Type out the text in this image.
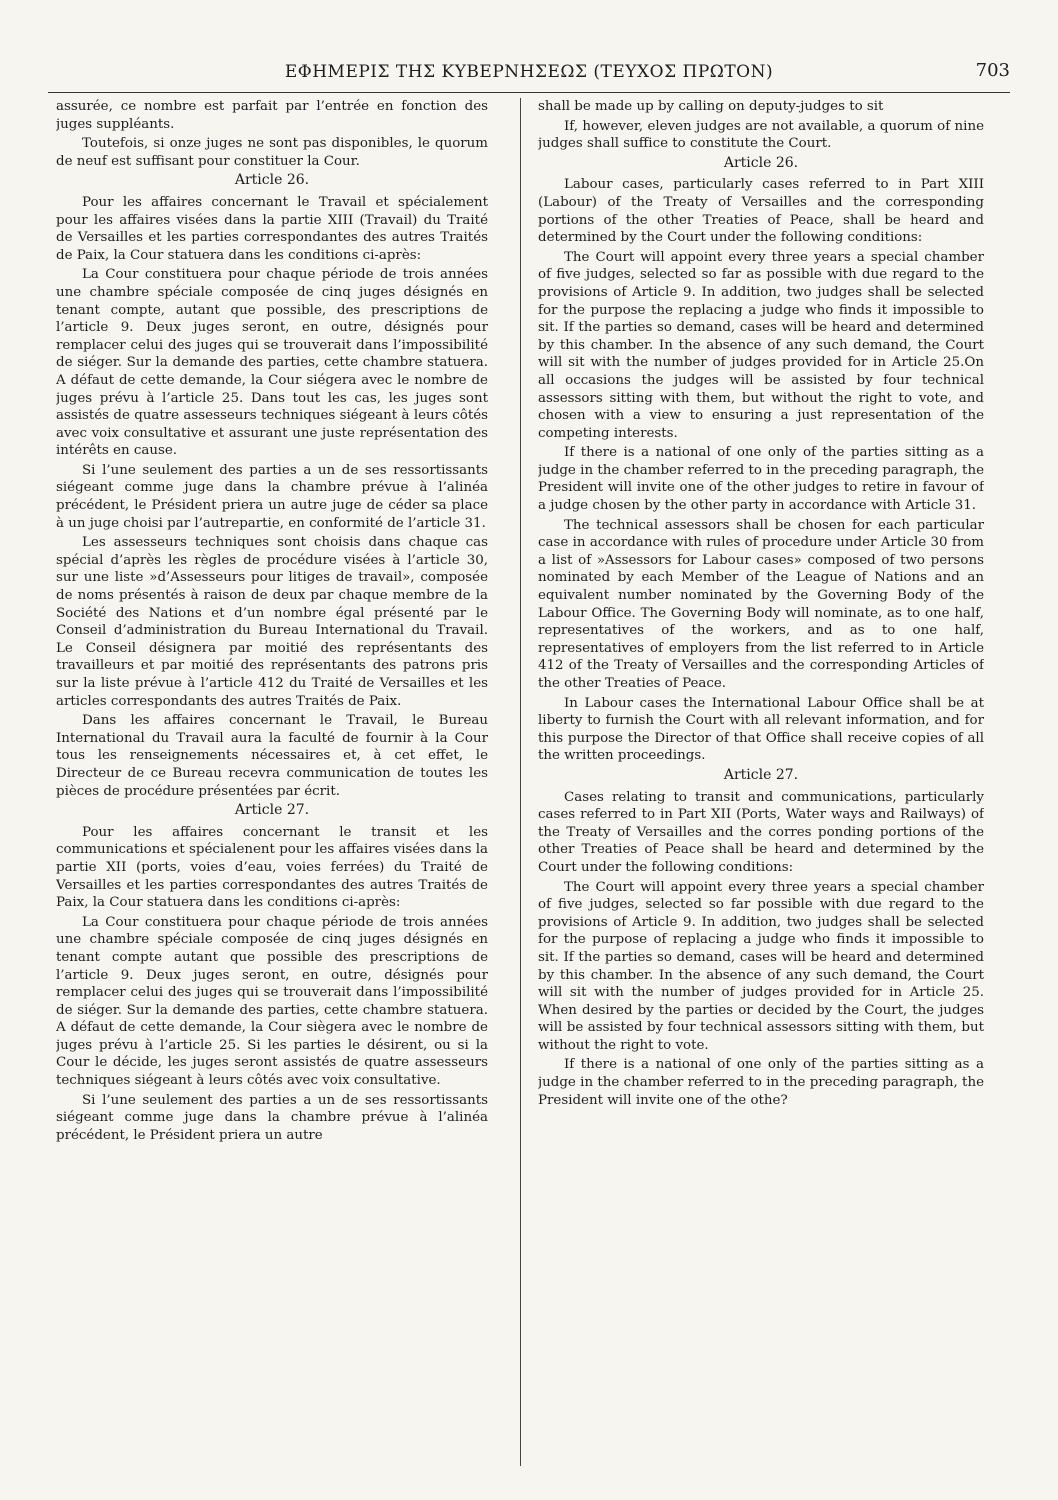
ΕΦΗΜΕΡΙΣ ΤΗΣ ΚΥΒΕΡΝΗΣΕΩΣ (ΤΕΥΧΟΣ ΠΡΩΤΟΝ)	703

assurée, ce nombre est parfait par l’entrée en fonction des juges suppléants.

Toutefois, si onze juges ne sont pas disponibles, le quorum de neuf est suffisant pour constituer la Cour.

Article 26.

Pour les affaires concernant le Travail et spécialement pour les affaires visées dans la partie XIII (Travail) du Traité de Versailles et les parties correspondantes des autres Traités de Paix, la Cour statuera dans les conditions ci-après:

La Cour constituera pour chaque période de trois années une chambre spéciale composée de cinq juges désignés en tenant compte, autant que possible, des prescriptions de l’article 9. Deux juges seront, en outre, désignés pour remplacer celui des juges qui se trouverait dans l’impossibilité de siéger. Sur la demande des parties, cette chambre statuera. A défaut de cette demande, la Cour siégera avec le nombre de juges prévu à l’article 25. Dans tout les cas, les juges sont assistés de quatre assesseurs techniques siégeant à leurs côtés avec voix consultative et assurant une juste représentation des intérêts en cause.

Si l’une seulement des parties a un de ses ressortissants siégeant comme juge dans la chambre prévue à l’alinéa précédent, le Président priera un autre juge de céder sa place à un juge choisi par l’autrepartie, en conformité de l’article 31.

Les assesseurs techniques sont choisis dans chaque cas spécial d’après les règles de procédure visées à l’article 30, sur une liste »d’Assesseurs pour litiges de travail», composée de noms présentés à raison de deux par chaque membre de la Société des Nations et d’un nombre égal présenté par le Conseil d’administration du Bureau International du Travail. Le Conseil désignera par moitié des représentants des travailleurs et par moitié des représentants des patrons pris sur la liste prévue à l’article 412 du Traité de Versailles et les articles correspondants des autres Traités de Paix.

Dans les affaires concernant le Travail, le Bureau International du Travail aura la faculté de fournir à la Cour tous les renseignements nécessaires et, à cet effet, le Directeur de ce Bureau recevra communication de toutes les pièces de procédure présentées par écrit.

Article 27.

Pour les affaires concernant le transit et les communications et spécialenent pour les affaires visées dans la partie XII (ports, voies d’eau, voies ferrées) du Traité de Versailles et les parties correspondantes des autres Traités de Paix, la Cour statuera dans les conditions ci-après:

La Cour constituera pour chaque période de trois années une chambre spéciale composée de cinq juges désignés en tenant compte autant que possible des prescriptions de l’article 9. Deux juges seront, en outre, désignés pour remplacer celui des juges qui se trouverait dans l’impossibilité de siéger. Sur la demande des parties, cette chambre statuera. A défaut de cette demande, la Cour siègera avec le nombre de juges prévu à l’article 25. Si les parties le désirent, ou si la Cour le décide, les juges seront assistés de quatre assesseurs techniques siégeant à leurs côtés avec voix consultative.

Si l’une seulement des parties a un de ses ressortissants siégeant comme juge dans la chambre prévue à l’alinéa précédent, le Président priera un autre

shall be made up by calling on deputy-judges to sit

If, however, eleven judges are not available, a quorum of nine judges shall suffice to constitute the Court.

Article 26.

Labour cases, particularly cases referred to in Part XIII (Labour) of the Treaty of Versailles and the corresponding portions of the other Treaties of Peace, shall be heard and determined by the Court under the following conditions:

The Court will appoint every three years a special chamber of five judges, selected so far as possible with due regard to the provisions of Article 9. In addition, two judges shall be selected for the purpose the replacing a judge who finds it impossible to sit. If the parties so demand, cases will be heard and determined by this chamber. In the absence of any such demand, the Court will sit with the number of judges provided for in Article 25.On all occasions the judges will be assisted by four technical assessors sitting with them, but without the right to vote, and chosen with a view to ensuring a just representation of the competing interests.

If there is a national of one only of the parties sitting as a judge in the chamber referred to in the preceding paragraph, the President will invite one of the other judges to retire in favour of a judge chosen by the other party in accordance with Article 31.

The technical assessors shall be chosen for each particular case in accordance with rules of procedure under Article 30 from a list of »Assessors for Labour cases» composed of two persons nominated by each Member of the League of Nations and an equivalent number nominated by the Governing Body of the Labour Office. The Governing Body will nominate, as to one half, representatives of the workers, and as to one half, representatives of employers from the list referred to in Article 412 of the Treaty of Versailles and the corresponding Articles of the other Treaties of Peace.

In Labour cases the International Labour Office shall be at liberty to furnish the Court with all relevant information, and for this purpose the Director of that Office shall receive copies of all the written proceedings.

Article 27.

Cases relating to transit and communications, particularly cases referred to in Part XII (Ports, Water ways and Railways) of the Treaty of Versailles and the corres ponding portions of the other Treaties of Peace shall be heard and determined by the Court under the following conditions:

The Court will appoint every three years a special chamber of five judges, selected so far possible with due regard to the provisions of Article 9. In addition, two judges shall be selected for the purpose of replacing a judge who finds it impossible to sit. If the parties so demand, cases will be heard and determined by this chamber. In the absence of any such demand, the Court will sit with the number of judges provided for in Article 25. When desired by the parties or decided by the Court, the judges will be assisted by four technical assessors sitting with them, but without the right to vote.

If there is a national of one only of the parties sitting as a judge in the chamber referred to in the preceding paragraph, the President will invite one of the othe?
